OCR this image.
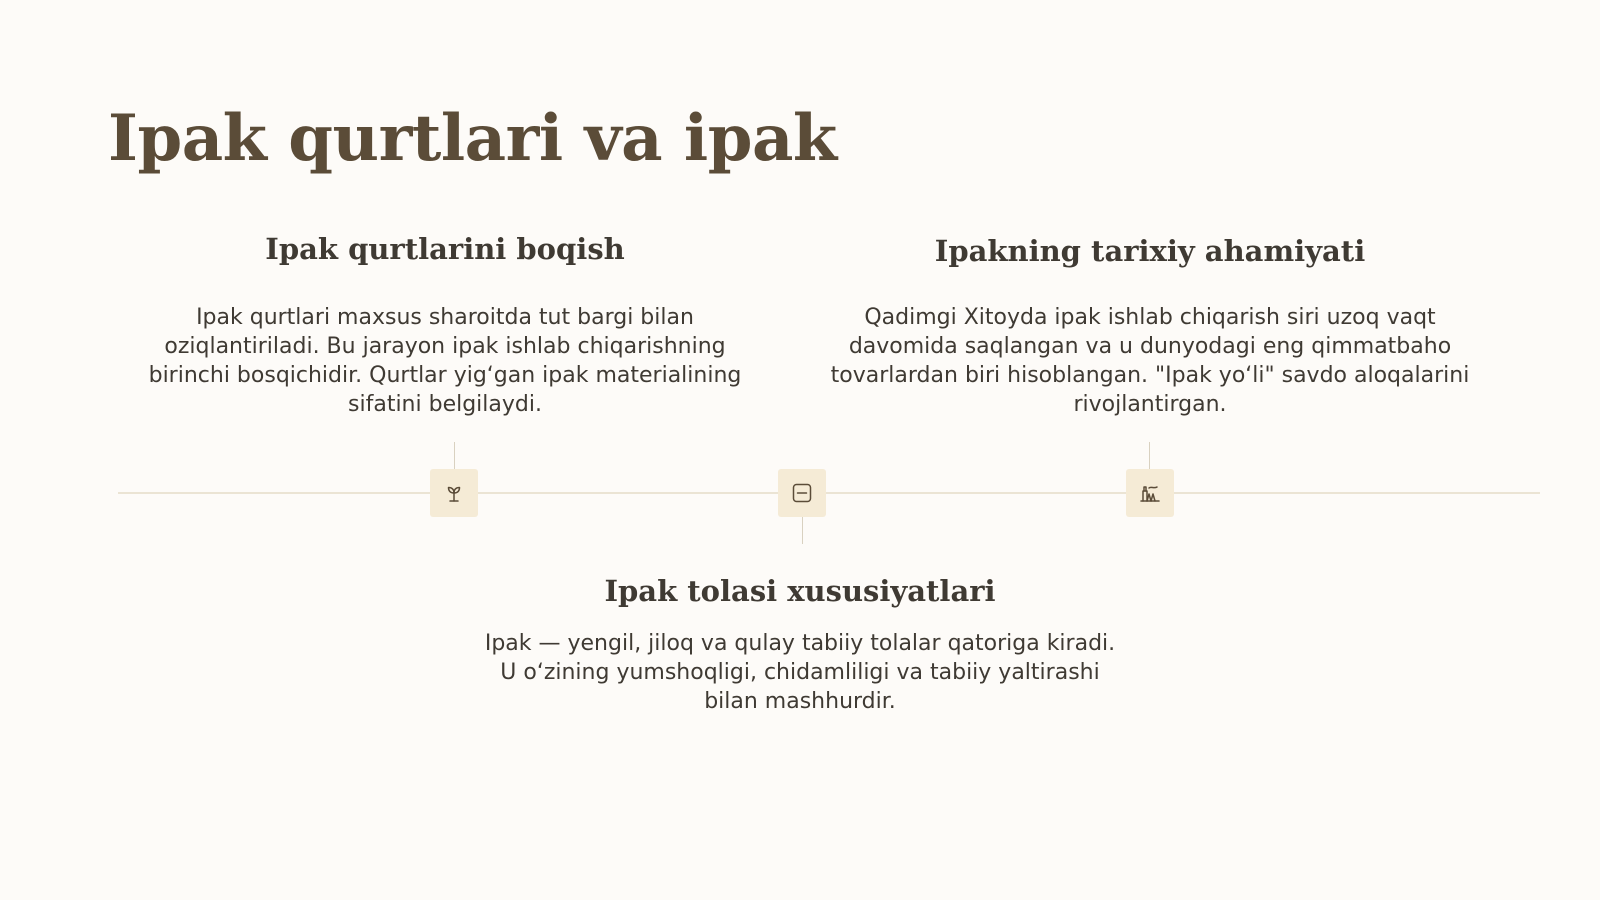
Ipak qurtlari va ipak
Ipak qurtlarini boqish

Ipak qurtlari maxsus sharoitda tut bargi bilan oziqlantiriladi. Bu jarayon ipak ishlab chiqarishning birinchi bosqichidir. Qurtlar yig‘gan ipak materialining sifatini belgilaydi.

Ipakning tarixiy ahamiyati

Qadimgi Xitoyda ipak ishlab chiqarish siri uzoq vaqt davomida saqlangan va u dunyodagi eng qimmatbaho tovarlardan biri hisoblangan. "Ipak yo‘li" savdo aloqalarini rivojlantirgan.

Ipak tolasi xususiyatlari

Ipak — yengil, jiloq va qulay tabiiy tolalar qatoriga kiradi. U o‘zining yumshoqligi, chidamliligi va tabiiy yaltirashi bilan mashhurdir.
